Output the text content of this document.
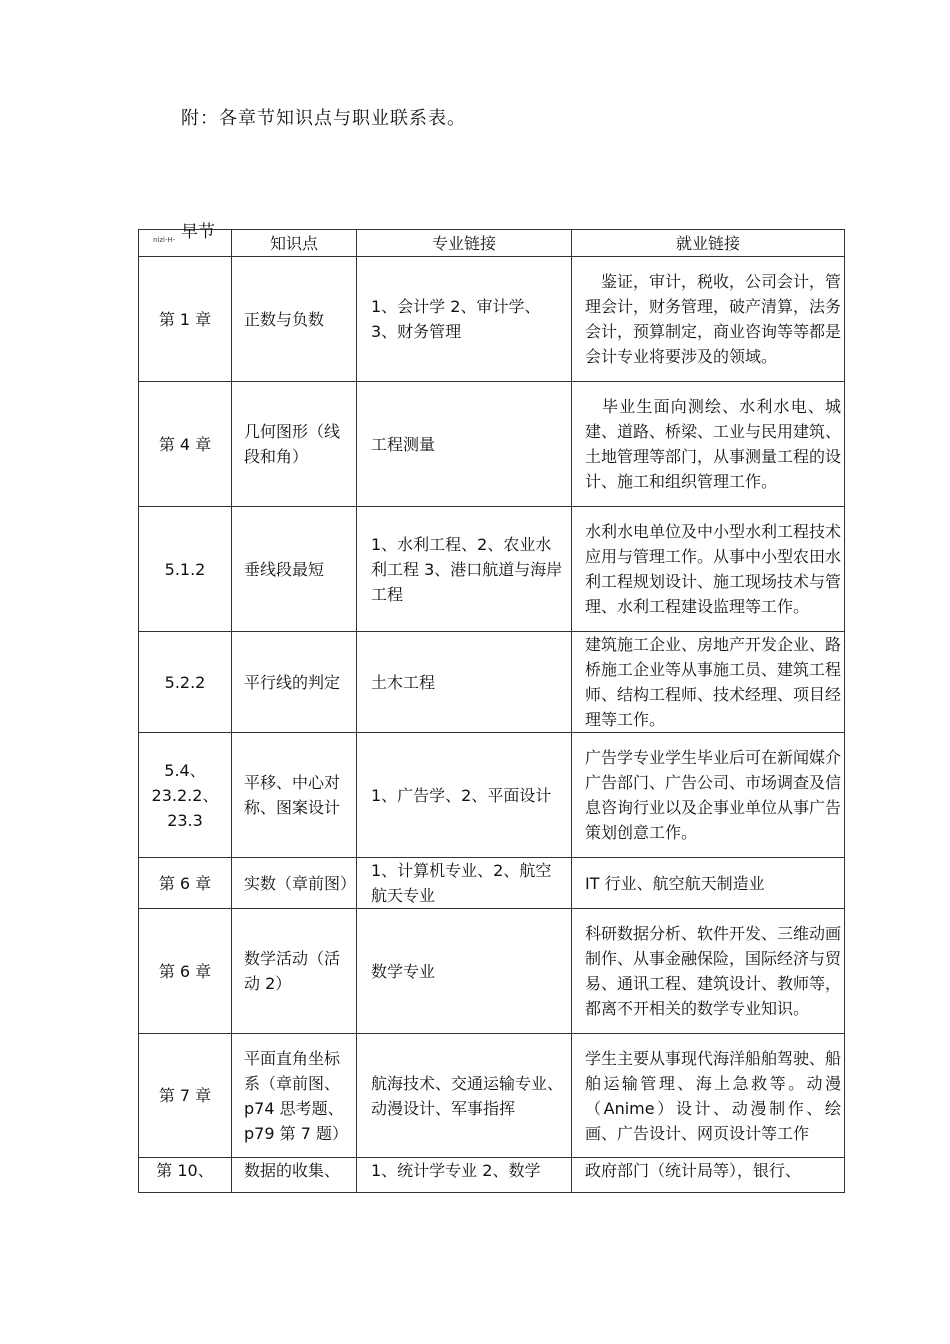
附：各章节知识点与职业联系表。
nizi-H- 早节	知识点	专业链接	就业链接
第 1 章	正数与负数	1、会计学 2、审计学、3、财务管理	　鉴证，审计，税收，公司会计，管理会计，财务管理，破产清算，法务会计，预算制定，商业咨询等等都是会计专业将要涉及的领域。
第 4 章	几何图形（线段和角）	工程测量	　毕业生面向测绘、水利水电、城建、道路、桥梁、工业与民用建筑、土地管理等部门，从事测量工程的设计、施工和组织管理工作。
5.1.2	垂线段最短	1、水利工程、2、农业水利工程 3、港口航道与海岸工程	水利水电单位及中小型水利工程技术应用与管理工作。从事中小型农田水利工程规划设计、施工现场技术与管理、水利工程建设监理等工作。
5.2.2	平行线的判定	土木工程	建筑施工企业、房地产开发企业、路桥施工企业等从事施工员、建筑工程师、结构工程师、技术经理、项目经理等工作。
5.4、23.2.2、23.3	平移、中心对称、图案设计	1、广告学、2、平面设计	广告学专业学生毕业后可在新闻媒介广告部门、广告公司、市场调查及信息咨询行业以及企事业单位从事广告策划创意工作。
第 6 章	实数（章前图）	1、计算机专业、2、航空航天专业	IT 行业、航空航天制造业
第 6 章	数学活动（活动 2）	数学专业	科研数据分析、软件开发、三维动画制作、从事金融保险，国际经济与贸易、通讯工程、建筑设计、教师等，都离不开相关的数学专业知识。
第 7 章	平面直角坐标系（章前图、p74 思考题、p79 第 7 题）	航海技术、交通运输专业、动漫设计、军事指挥	学生主要从事现代海洋船舶驾驶、船舶运输管理、海上急救等。动漫（Anime）设计、动漫制作、绘画、广告设计、网页设计等工作
第 10、	数据的收集、	1、统计学专业 2、数学	政府部门（统计局等），银行、
